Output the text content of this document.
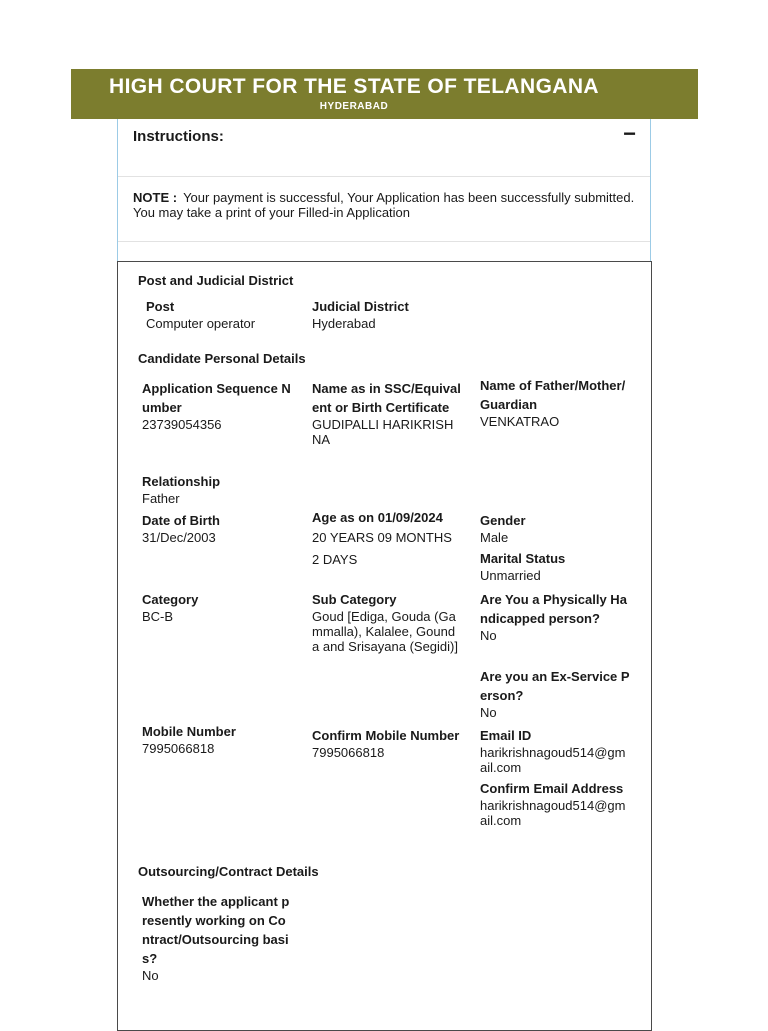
HIGH COURT FOR THE STATE OF TELANGANA
HYDERABAD
Instructions:	−
NOTE : Your payment is successful, Your Application has been successfully submitted. You may take a print of your Filled-in Application
Post and Judicial District
Post
Computer operator
Judicial District
Hyderabad
Candidate Personal Details
Application Sequence Number
23739054356
Name as in SSC/Equivalent or Birth Certificate
GUDIPALLI HARIKRISHNA
Name of Father/Mother/Guardian
VENKATRAO
Relationship
Father
Date of Birth
31/Dec/2003
Age as on 01/09/2024
20 YEARS 09 MONTHS 2 DAYS
Gender
Male
Marital Status
Unmarried
Category
BC-B
Sub Category
Goud [Ediga, Gouda (Gammalla), Kalalee, Gounda and Srisayana (Segidi)]
Are You a Physically Handicapped person?
No
Are you an Ex-Service Person?
No
Mobile Number
7995066818
Confirm Mobile Number
7995066818
Email ID
harikrishnagoud514@gmail.com
Confirm Email Address
harikrishnagoud514@gmail.com
Outsourcing/Contract Details
Whether the applicant presently working on Contract/Outsourcing basis?
No
